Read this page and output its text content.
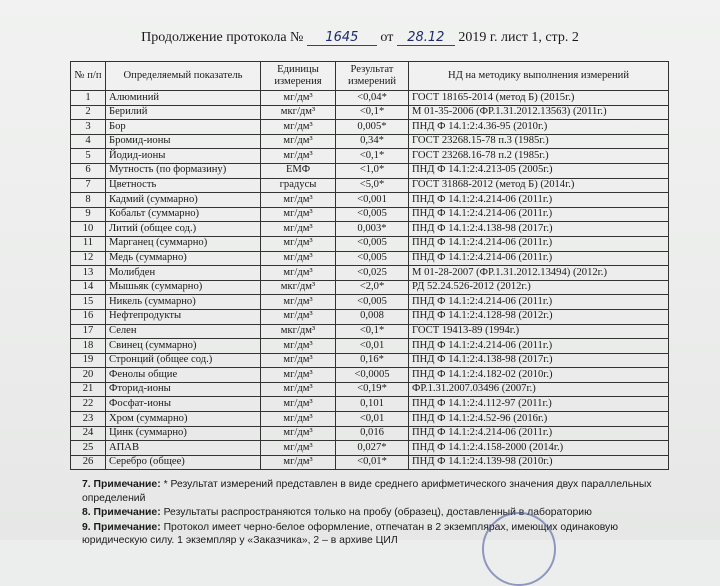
Продолжение протокола № 1645 от 28.12 2019 г. лист 1, стр. 2
№ п/п	Определяемый показатель	Единицы измерения	Результат измерений	НД на методику выполнения измерений
1	Алюминий	мг/дм³	<0,04*	ГОСТ 18165-2014 (метод Б) (2015г.)
2	Берилий	мкг/дм³	<0,1*	М 01-35-2006 (ФР.1.31.2012.13563) (2011г.)
3	Бор	мг/дм³	0,005*	ПНД Ф 14.1:2:4.36-95 (2010г.)
4	Бромид-ионы	мг/дм³	0,34*	ГОСТ 23268.15-78 п.3 (1985г.)
5	Йодид-ионы	мг/дм³	<0,1*	ГОСТ 23268.16-78 п.2 (1985г.)
6	Мутность (по формазину)	ЕМФ	<1,0*	ПНД Ф 14.1:2:4.213-05 (2005г.)
7	Цветность	градусы	<5,0*	ГОСТ 31868-2012 (метод Б) (2014г.)
8	Кадмий (суммарно)	мг/дм³	<0,001	ПНД Ф 14.1:2:4.214-06 (2011г.)
9	Кобальт (суммарно)	мг/дм³	<0,005	ПНД Ф 14.1:2:4.214-06 (2011г.)
10	Литий (общее сод.)	мг/дм³	0,003*	ПНД Ф 14.1:2:4.138-98 (2017г.)
11	Марганец (суммарно)	мг/дм³	<0,005	ПНД Ф 14.1:2:4.214-06 (2011г.)
12	Медь (суммарно)	мг/дм³	<0,005	ПНД Ф 14.1:2:4.214-06 (2011г.)
13	Молибден	мг/дм³	<0,025	М 01-28-2007 (ФР.1.31.2012.13494) (2012г.)
14	Мышьяк (суммарно)	мкг/дм³	<2,0*	РД 52.24.526-2012 (2012г.)
15	Никель (суммарно)	мг/дм³	<0,005	ПНД Ф 14.1:2:4.214-06 (2011г.)
16	Нефтепродукты	мг/дм³	0,008	ПНД Ф 14.1:2:4.128-98 (2012г.)
17	Селен	мкг/дм³	<0,1*	ГОСТ 19413-89 (1994г.)
18	Свинец (суммарно)	мг/дм³	<0,01	ПНД Ф 14.1:2:4.214-06 (2011г.)
19	Стронций (общее сод.)	мг/дм³	0,16*	ПНД Ф 14.1:2:4.138-98 (2017г.)
20	Фенолы общие	мг/дм³	<0,0005	ПНД Ф 14.1:2:4.182-02 (2010г.)
21	Фторид-ионы	мг/дм³	<0,19*	ФР.1.31.2007.03496 (2007г.)
22	Фосфат-ионы	мг/дм³	0,101	ПНД Ф 14.1:2:4.112-97 (2011г.)
23	Хром (суммарно)	мг/дм³	<0,01	ПНД Ф 14.1:2:4.52-96 (2016г.)
24	Цинк (суммарно)	мг/дм³	0,016	ПНД Ф 14.1:2:4.214-06 (2011г.)
25	АПАВ	мг/дм³	0,027*	ПНД Ф 14.1:2:4.158-2000 (2014г.)
26	Серебро (общее)	мг/дм³	<0,01*	ПНД Ф 14.1:2:4.139-98 (2010г.)

7. Примечание: * Результат измерений представлен в виде среднего арифметического значения двух параллельных определений

8. Примечание: Результаты распространяются только на пробу (образец), доставленный в лабораторию

9. Примечание: Протокол имеет черно-белое оформление, отпечатан в 2 экземплярах, имеющих одинаковую юридическую силу. 1 экземпляр у «Заказчика», 2 – в архиве ЦИЛ
